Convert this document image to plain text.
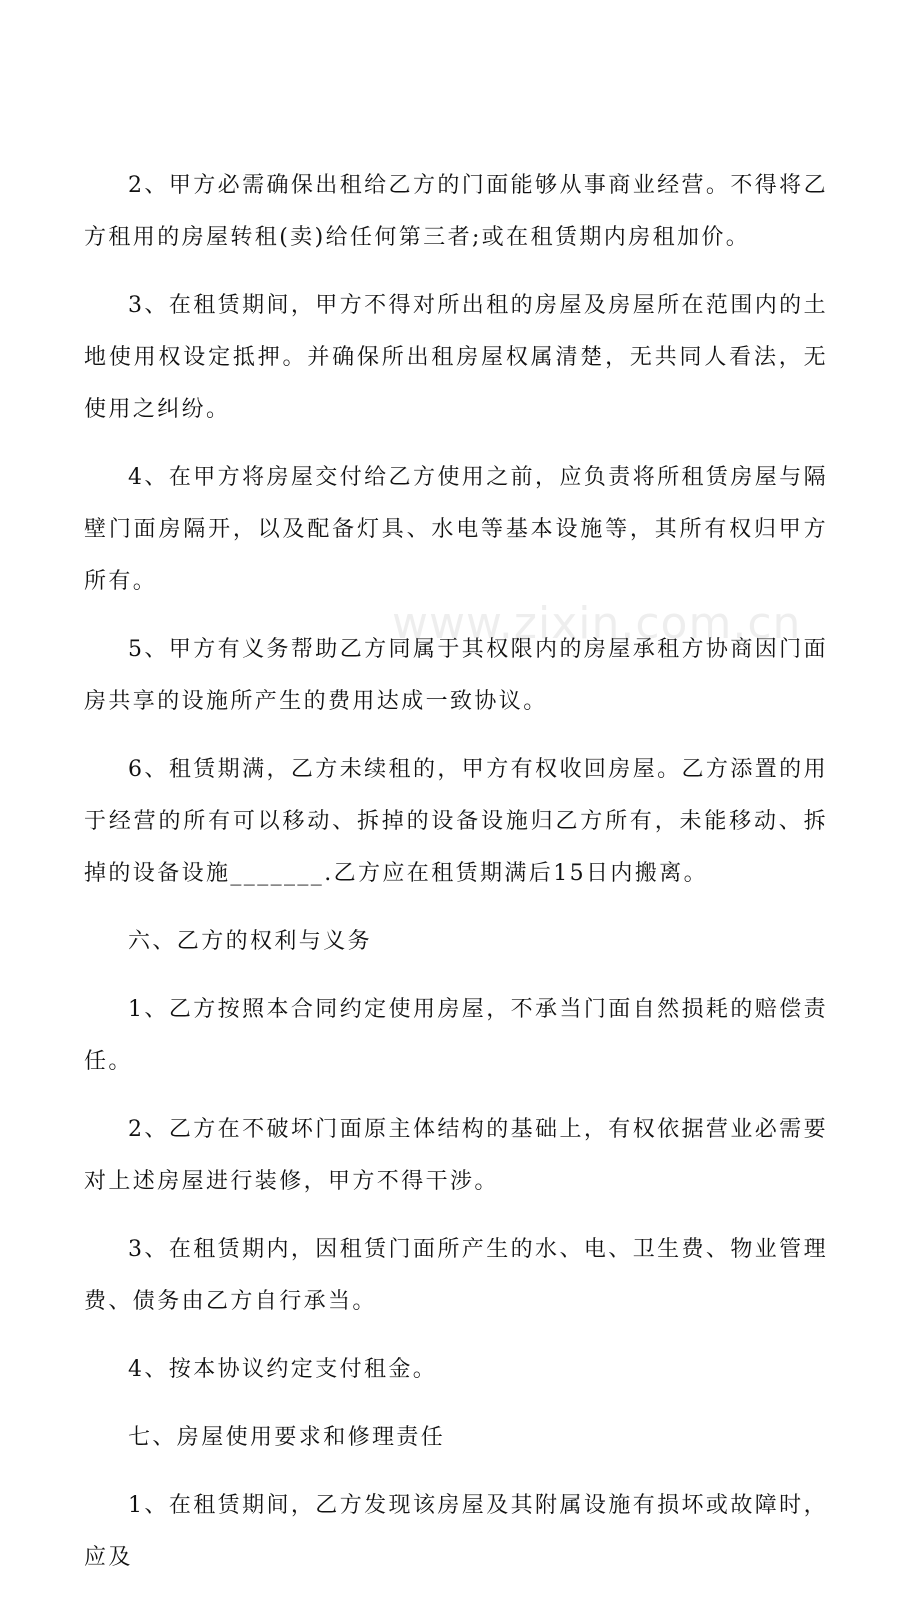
2、甲方必需确保出租给乙方的门面能够从事商业经营。不得将乙方租用的房屋转租(卖)给任何第三者;或在租赁期内房租加价。

3、在租赁期间，甲方不得对所出租的房屋及房屋所在范围内的土地使用权设定抵押。并确保所出租房屋权属清楚，无共同人看法，无使用之纠纷。

4、在甲方将房屋交付给乙方使用之前，应负责将所租赁房屋与隔壁门面房隔开，以及配备灯具、水电等基本设施等，其所有权归甲方所有。

5、甲方有义务帮助乙方同属于其权限内的房屋承租方协商因门面房共享的设施所产生的费用达成一致协议。

6、租赁期满，乙方未续租的，甲方有权收回房屋。乙方添置的用于经营的所有可以移动、拆掉的设备设施归乙方所有，未能移动、拆掉的设备设施_______.乙方应在租赁期满后15日内搬离。

六、乙方的权利与义务

1、乙方按照本合同约定使用房屋，不承当门面自然损耗的赔偿责任。

2、乙方在不破坏门面原主体结构的基础上，有权依据营业必需要对上述房屋进行装修，甲方不得干涉。

3、在租赁期内，因租赁门面所产生的水、电、卫生费、物业管理费、债务由乙方自行承当。

4、按本协议约定支付租金。

七、房屋使用要求和修理责任

1、在租赁期间，乙方发现该房屋及其附属设施有损坏或故障时，应及

www.zixin.com.cn
